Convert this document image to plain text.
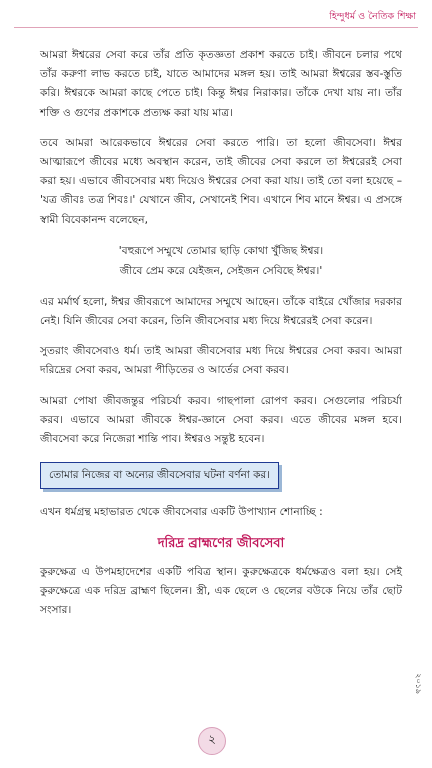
হিন্দুধর্ম ও নৈতিক শিক্ষা

আমরা ঈশ্বরের সেবা করে তাঁর প্রতি কৃতজ্ঞতা প্রকাশ করতে চাই। জীবনে চলার পথে তাঁর করুণা লাভ করতে চাই, যাতে আমাদের মঙ্গল হয়। তাই আমরা ঈশ্বরের স্তব-স্তুতি করি। ঈশ্বরকে আমরা কাছে পেতে চাই। কিন্তু ঈশ্বর নিরাকার। তাঁকে দেখা যায় না। তাঁর শক্তি ও গুণের প্রকাশকে প্রত্যক্ষ করা যায় মাত্র।

তবে আমরা আরেকভাবে ঈশ্বরের সেবা করতে পারি। তা হলো জীবসেবা। ঈশ্বর আত্মারূপে জীবের মধ্যে অবস্থান করেন, তাই জীবের সেবা করলে তা ঈশ্বরেরই সেবা করা হয়। এভাবে জীবসেবার মধ্য দিয়েও ঈশ্বরের সেবা করা যায়। তাই তো বলা হয়েছে – 'যত্র জীবঃ তত্র শিবঃ।' যেখানে জীব, সেখানেই শিব। এখানে শিব মানে ঈশ্বর। এ প্রসঙ্গে স্বামী বিবেকানন্দ বলেছেন,

'বহুরূপে সম্মুখে তোমার ছাড়ি কোথা খুঁজিছ ঈশ্বর।
জীবে প্রেম করে যেইজন, সেইজন সেবিছে ঈশ্বর।'

এর মর্মার্থ হলো, ঈশ্বর জীবরূপে আমাদের সম্মুখে আছেন। তাঁকে বাইরে খোঁজার দরকার নেই। যিনি জীবের সেবা করেন, তিনি জীবসেবার মধ্য দিয়ে ঈশ্বরেরই সেবা করেন।

সুতরাং জীবসেবাও ধর্ম। তাই আমরা জীবসেবার মধ্য দিয়ে ঈশ্বরের সেবা করব। আমরা দরিদ্রের সেবা করব, আমরা পীড়িতের ও আর্তের সেবা করব।

আমরা পোষা জীবজন্তুর পরিচর্যা করব। গাছপালা রোপণ করব। সেগুলোর পরিচর্যা করব। এভাবে আমরা জীবকে ঈশ্বর-জ্ঞানে সেবা করব। এতে জীবের মঙ্গল হবে। জীবসেবা করে নিজেরা শান্তি পাব। ঈশ্বরও সন্তুষ্ট হবেন।

তোমার নিজের বা অন্যের জীবসেবার ঘটনা বর্ণনা কর।

এখন ধর্মগ্রন্থ মহাভারত থেকে জীবসেবার একটি উপাখ্যান শোনাচ্ছি :

দরিদ্র ব্রাহ্মণের জীবসেবা

কুরুক্ষেত্র এ উপমহাদেশের একটি পবিত্র স্থান। কুরুক্ষেত্রকে ধর্মক্ষেত্রও বলা হয়। সেই কুরুক্ষেত্রে এক দরিদ্র ব্রাহ্মণ ছিলেন। স্ত্রী, এক ছেলে ও ছেলের বউকে নিয়ে তাঁর ছোট সংসার।

২০১৯
২
